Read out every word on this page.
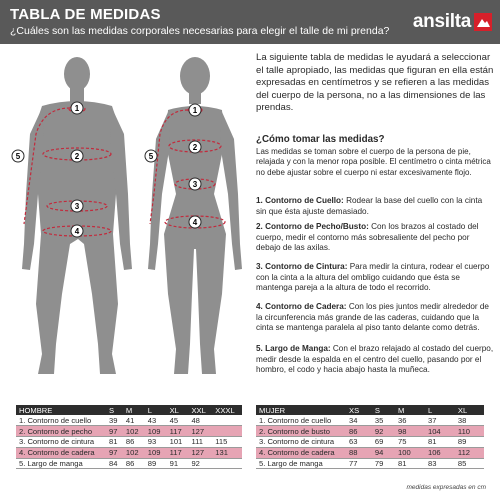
TABLA DE MEDIDAS
¿Cuáles son las medidas corporales necesarias para elegir el talle de mi prenda? ansilta
1
2
3
4
5
1
2
3
4
5
La siguiente tabla de medidas le ayudará a seleccionar el talle apropiado, las medidas que figuran en ella están expresadas en centímetros y se refieren a las medidas del cuerpo de la persona, no a las dimensiones de las prendas.
¿Cómo tomar las medidas?
Las medidas se toman sobre el cuerpo de la persona de pie, relajada y con la menor ropa posible. El centímetro o cinta métrica no debe ajustar sobre el cuerpo ni estar excesivamente flojo.
1. Contorno de Cuello: Rodear la base del cuello con la cinta sin que ésta ajuste demasiado.
2. Contorno de Pecho/Busto: Con los brazos al costado del cuerpo, medir el contorno más sobresaliente del pecho por debajo de las axilas.
3. Contorno de Cintura: Para medir la cintura, rodear el cuerpo con la cinta a la altura del ombligo cuidando que ésta se mantenga pareja a la altura de todo el recorrido.
4. Contorno de Cadera: Con los pies juntos medir alrededor de la circunferencia más grande de las caderas, cuidando que la cinta se mantenga paralela al piso tanto delante como detrás.
5. Largo de Manga: Con el brazo relajado al costado del cuerpo, medir desde la espalda en el centro del cuello, pasando por el hombro, el codo y hacia abajo hasta la muñeca.
HOMBRE	S	M	L	XL	XXL	XXXL
1. Contorno de cuello	39	41	43	45	48	
2. Contorno de pecho	97	102	109	117	127	
3. Contorno de cintura	81	86	93	101	111	115
4. Contorno de cadera	97	102	109	117	127	131
5. Largo de manga	84	86	89	91	92	
MUJER	XS	S	M	L	XL
1. Contorno de cuello	34	35	36	37	38
2. Contorno de busto	86	92	98	104	110
3. Contorno de cintura	63	69	75	81	89
4. Contorno de cadera	88	94	100	106	112
5. Largo de manga	77	79	81	83	85
medidas expresadas en cm
